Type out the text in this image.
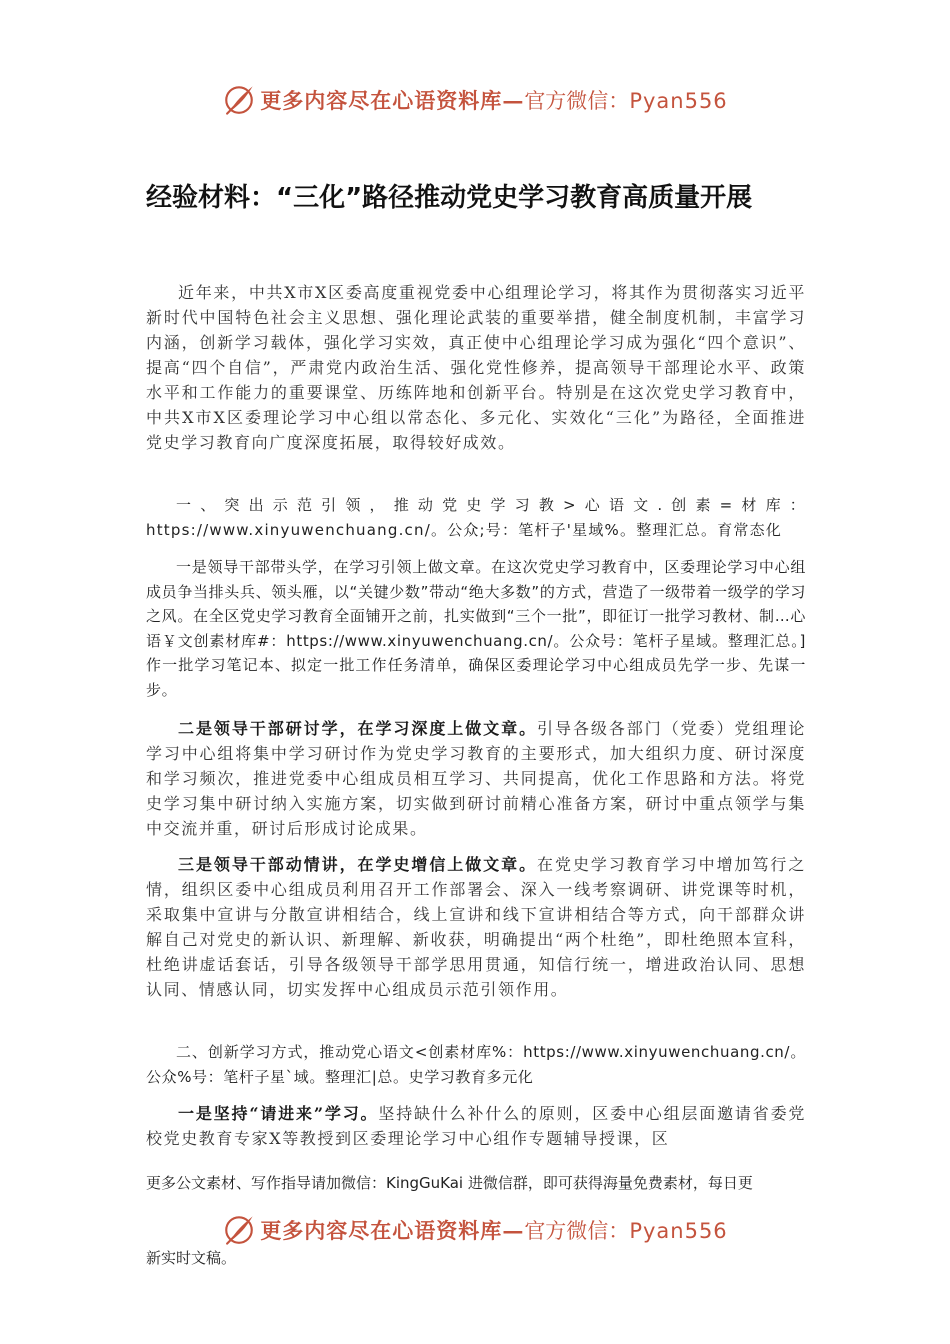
更多内容尽在心语资料库—官方微信：Pyan556
经验材料：“三化”路径推动党史学习教育高质量开展

近年来，中共X市X区委高度重视党委中心组理论学习，将其作为贯彻落实习近平新时代中国特色社会主义思想、强化理论武装的重要举措，健全制度机制，丰富学习内涵，创新学习载体，强化学习实效，真正使中心组理论学习成为强化“四个意识”、提高“四个自信”，严肃党内政治生活、强化党性修养，提高领导干部理论水平、政策水平和工作能力的重要课堂、历练阵地和创新平台。特别是在这次党史学习教育中，中共X市X区委理论学习中心组以常态化、多元化、实效化“三化”为路径，全面推进党史学习教育向广度深度拓展，取得较好成效。

一、突出示范引领，推动党史学习教>心语文.创素=材库：https://www.xinyuwenchuang.cn/。公众;号：笔杆子'星域%。整理汇总。育常态化

一是领导干部带头学，在学习引领上做文章。在这次党史学习教育中，区委理论学习中心组成员争当排头兵、领头雁，以“关键少数”带动“绝大多数”的方式，营造了一级带着一级学的学习之风。在全区党史学习教育全面铺开之前，扎实做到“三个一批”，即征订一批学习教材、制…心语￥文创素材库#：https://www.xinyuwenchuang.cn/。公众号：笔杆子星域。整理汇总。]作一批学习笔记本、拟定一批工作任务清单，确保区委理论学习中心组成员先学一步、先谋一步。

二是领导干部研讨学，在学习深度上做文章。引导各级各部门（党委）党组理论学习中心组将集中学习研讨作为党史学习教育的主要形式，加大组织力度、研讨深度和学习频次，推进党委中心组成员相互学习、共同提高，优化工作思路和方法。将党史学习集中研讨纳入实施方案，切实做到研讨前精心准备方案，研讨中重点领学与集中交流并重，研讨后形成讨论成果。

三是领导干部动情讲，在学史增信上做文章。在党史学习教育学习中增加笃行之情，组织区委中心组成员利用召开工作部署会、深入一线考察调研、讲党课等时机，采取集中宣讲与分散宣讲相结合，线上宣讲和线下宣讲相结合等方式，向干部群众讲解自己对党史的新认识、新理解、新收获，明确提出“两个杜绝”，即杜绝照本宣科，杜绝讲虚话套话，引导各级领导干部学思用贯通，知信行统一，增进政治认同、思想认同、情感认同，切实发挥中心组成员示范引领作用。

二、创新学习方式，推动党心语文<创素材库%：https://www.xinyuwenchuang.cn/。公众%号：笔杆子星`域。整理汇|总。史学习教育多元化

一是坚持“请进来”学习。坚持缺什么补什么的原则，区委中心组层面邀请省委党校党史教育专家X等教授到区委理论学习中心组作专题辅导授课，区

更多公文素材、写作指导请加微信：KingGuKai 进微信群，即可获得海量免费素材，每日更
更多内容尽在心语资料库—官方微信：Pyan556
新实时文稿。
